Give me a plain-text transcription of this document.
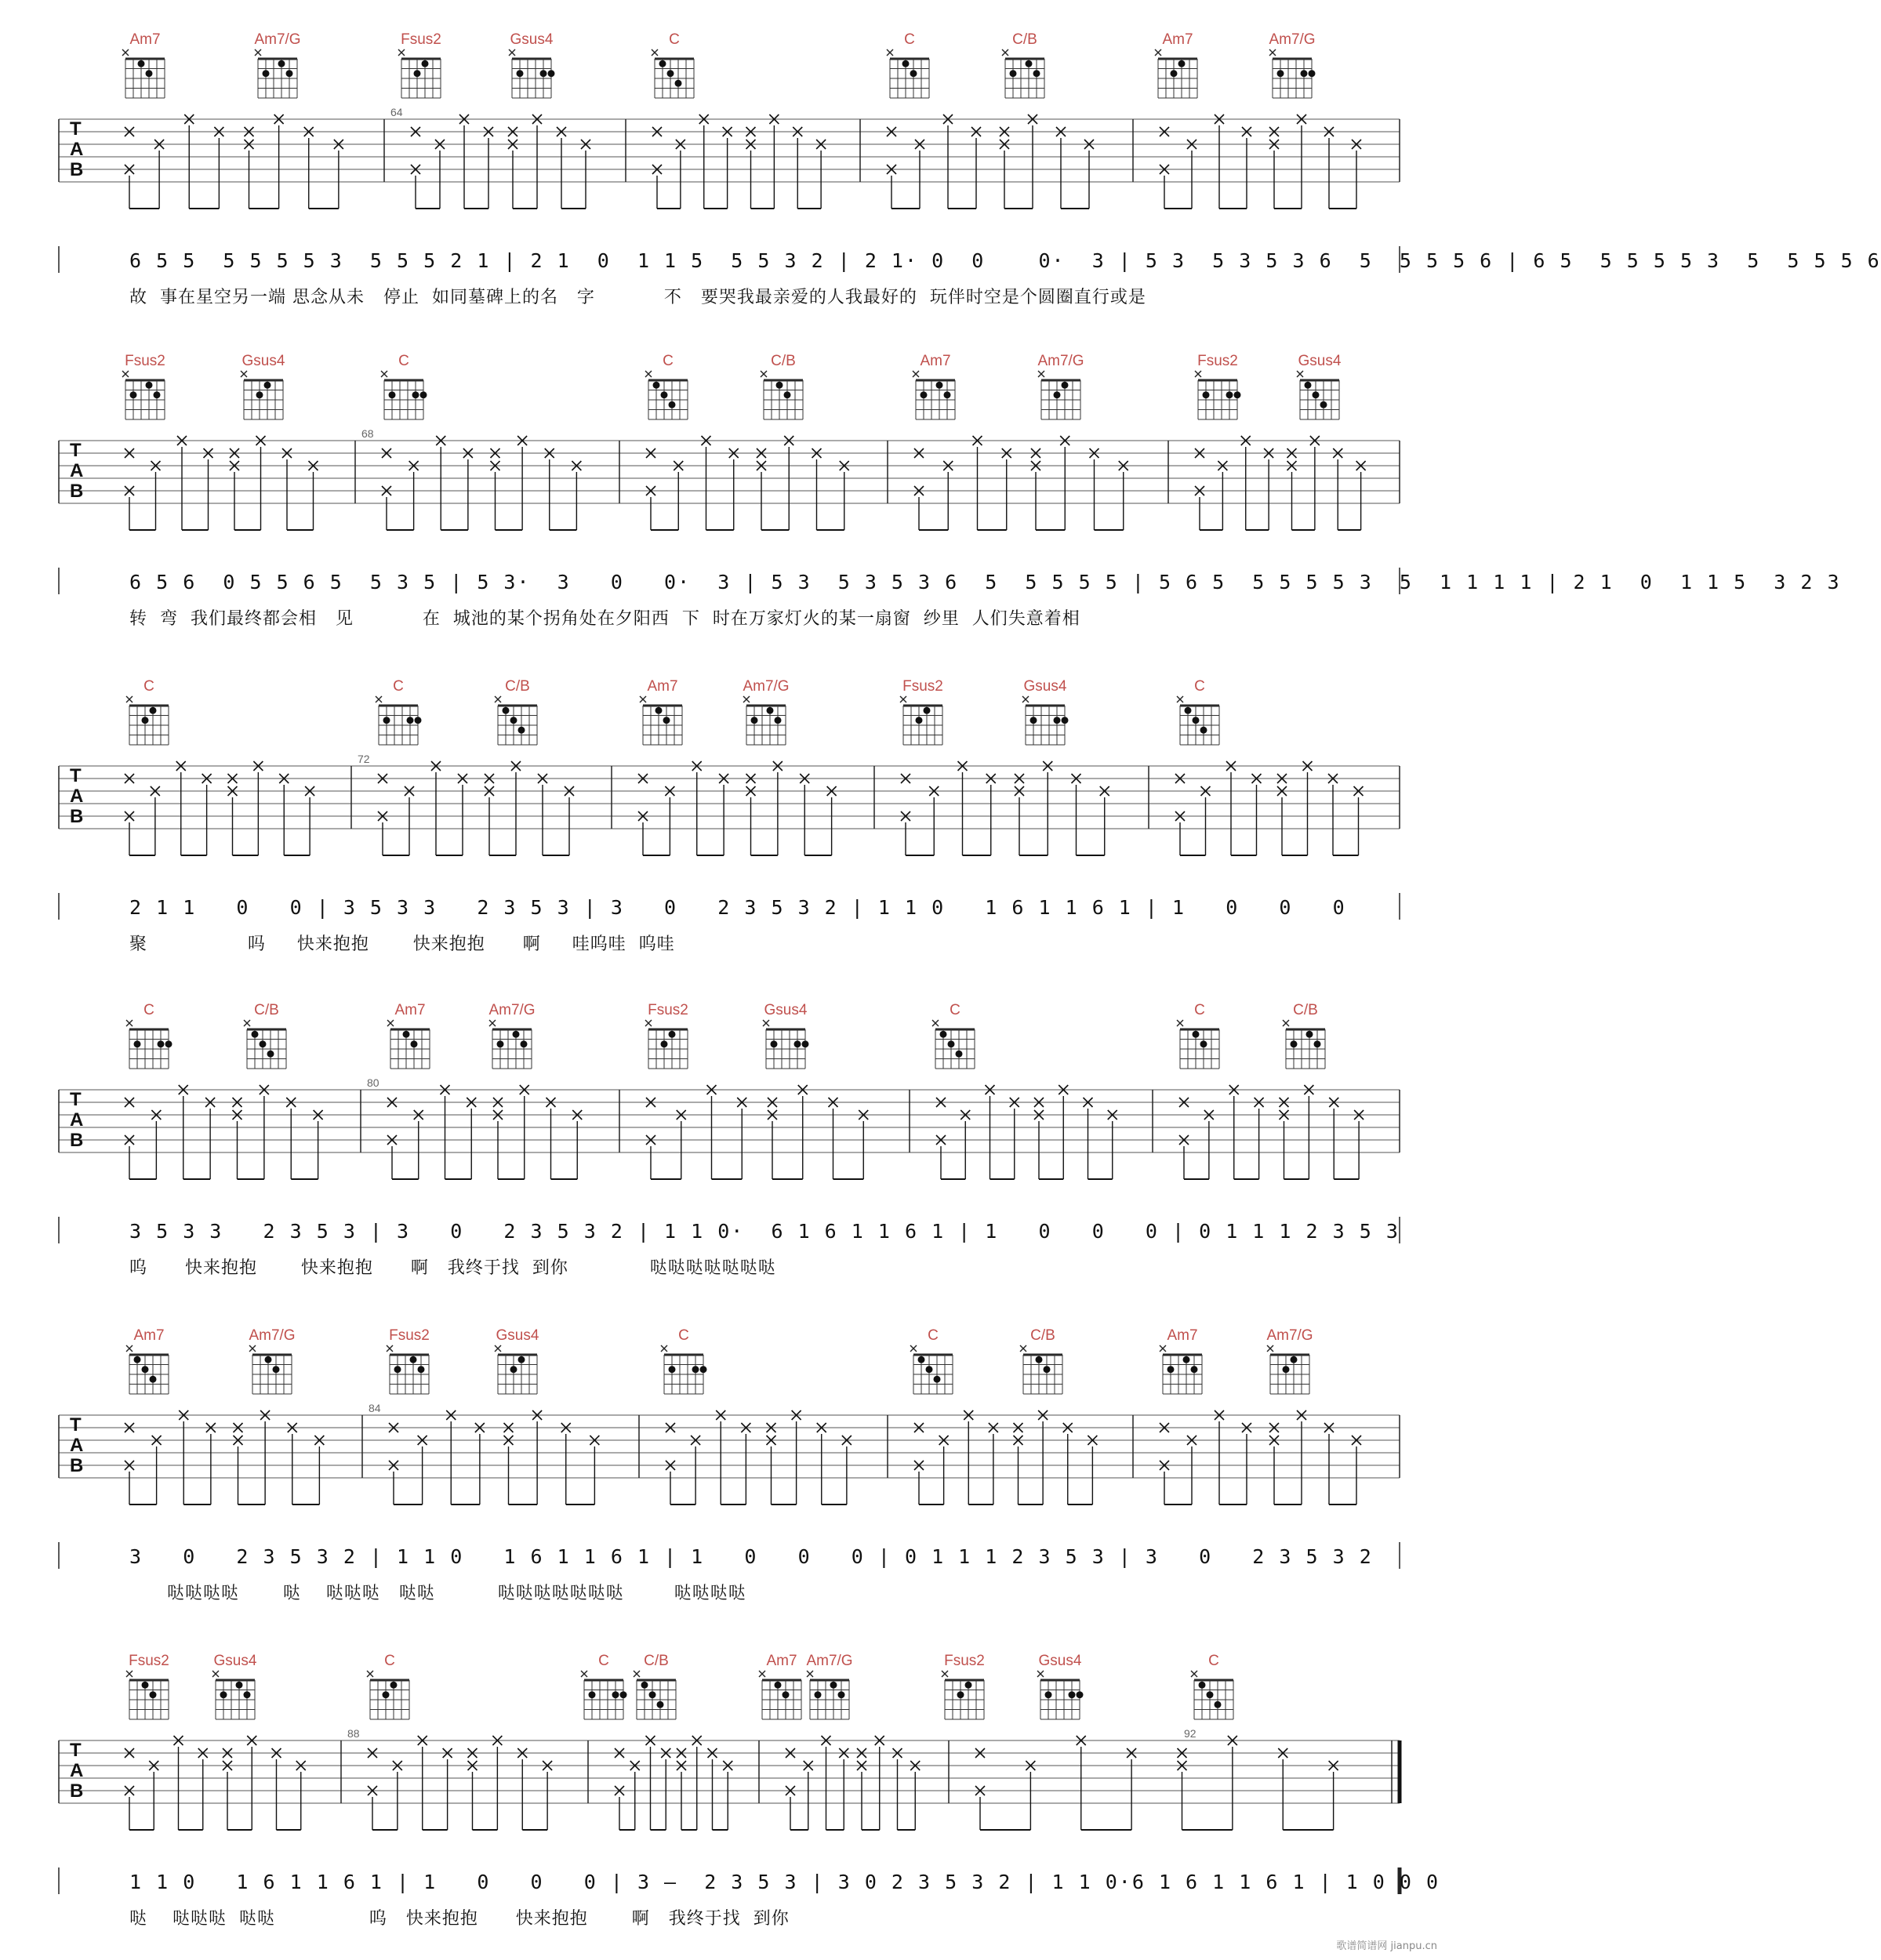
T
A
B
64
T
A
B
68
T
A
B
72
T
A
B
80
T
A
B
84
T
A
B
88	92
Am7	Am7/G	Fsus2	Gsus4	C	C	C/B	Am7	Am7/G
6 5 5  5 5 5 5 3  5 5 5 2 1 | 2 1  0  1 1 5  5 5 3 2 | 2 1· 0  0    0·  3 | 5 3  5 3 5 3 6  5  5 5 5 6 | 6 5  5 5 5 5 3  5  5 5 5 6
故  事在星空另一端 思念从未   停止  如同墓碑上的名   字           不   要哭我最亲爱的人我最好的  玩伴时空是个圆圈直行或是
Fsus2	Gsus4	C	C	C/B	Am7	Am7/G	Fsus2	Gsus4
6 5 6  0 5 5 6 5  5 3 5 | 5 3·  3   0   0·  3 | 5 3  5 3 5 3 6  5  5 5 5 5 | 5 6 5  5 5 5 5 3  5  1 1 1 1 | 2 1  0  1 1 5  3 2 3
转  弯  我们最终都会相   见           在  城池的某个拐角处在夕阳西  下  时在万家灯火的某一扇窗  纱里  人们失意着相
C	C	C/B	Am7	Am7/G	Fsus2	Gsus4	C
2 1 1   0   0 | 3 5 3 3   2 3 5 3 | 3   0   2 3 5 3 2 | 1 1 0   1 6 1 1 6 1 | 1   0   0   0
聚                吗     快来抱抱       快来抱抱      啊     哇呜哇  呜哇
C	C/B	Am7	Am7/G	Fsus2	Gsus4	C	C	C/B
3 5 3 3   2 3 5 3 | 3   0   2 3 5 3 2 | 1 1 0·  6 1 6 1 1 6 1 | 1   0   0   0 | 0 1 1 1 2 3 5 3
呜      快来抱抱       快来抱抱      啊   我终于找  到你             哒哒哒哒哒哒哒
Am7	Am7/G	Fsus2	Gsus4	C	C	C/B	Am7	Am7/G
3   0   2 3 5 3 2 | 1 1 0   1 6 1 1 6 1 | 1   0   0   0 | 0 1 1 1 2 3 5 3 | 3   0   2 3 5 3 2
哒哒哒哒       哒    哒哒哒   哒哒          哒哒哒哒哒哒哒        哒哒哒哒
Fsus2	Gsus4	C	C	C/B	Am7 Am7/G	Fsus2	Gsus4	C
1 1 0   1 6 1 1 6 1 | 1   0   0   0 | 3 –  2 3 5 3 | 3 0 2 3 5 3 2 | 1 1 0·6 1 6 1 1 6 1 | 1 0 0 0
哒    哒哒哒  哒哒               呜   快来抱抱      快来抱抱       啊   我终于找  到你
歌谱简谱网 jianpu.cn
